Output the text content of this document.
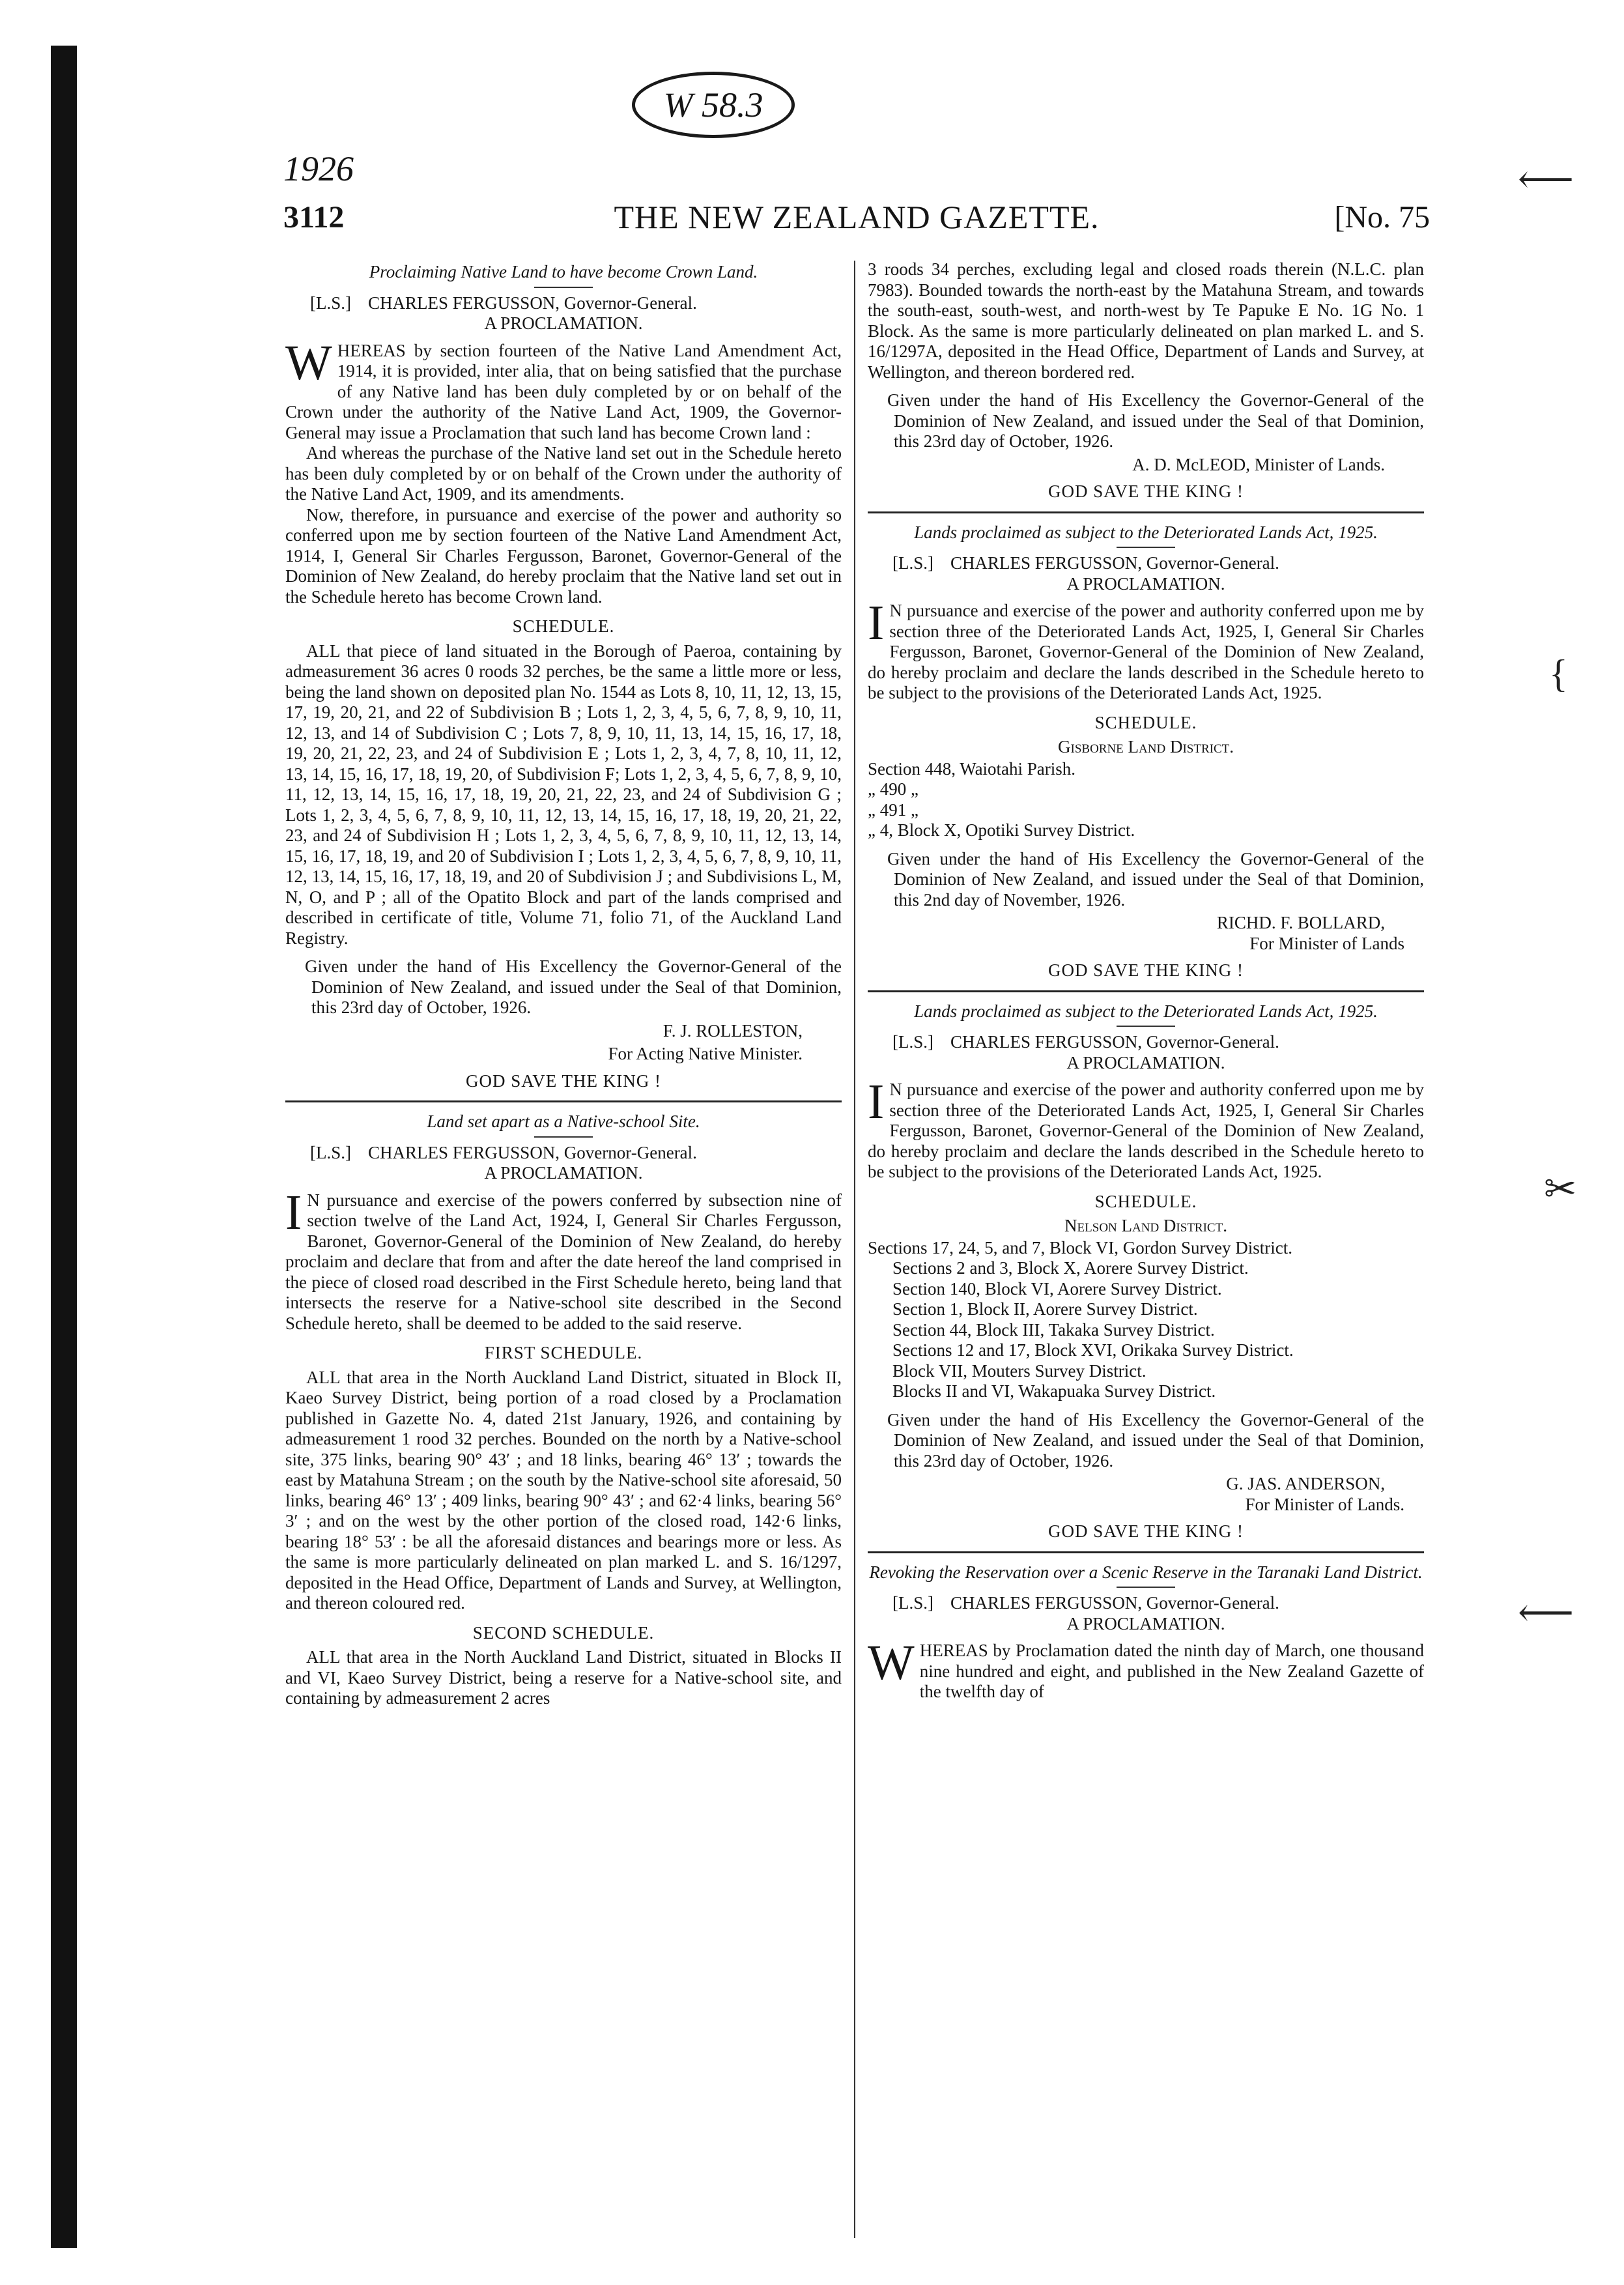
W 58.3
1926	⟵
{
✂
⟵
3112	THE NEW ZEALAND GAZETTE.	[No. 75
Proclaiming Native Land to have become Crown Land.
[L.S.] CHARLES FERGUSSON, Governor-General.
A PROCLAMATION.

WHEREAS by section fourteen of the Native Land Amendment Act, 1914, it is provided, inter alia, that on being satisfied that the purchase of any Native land has been duly completed by or on behalf of the Crown under the authority of the Native Land Act, 1909, the Governor-General may issue a Proclamation that such land has become Crown land :

And whereas the purchase of the Native land set out in the Schedule hereto has been duly completed by or on behalf of the Crown under the authority of the Native Land Act, 1909, and its amendments.

Now, therefore, in pursuance and exercise of the power and authority so conferred upon me by section fourteen of the Native Land Amendment Act, 1914, I, General Sir Charles Fergusson, Baronet, Governor-General of the Dominion of New Zealand, do hereby proclaim that the Native land set out in the Schedule hereto has become Crown land.

SCHEDULE.

ALL that piece of land situated in the Borough of Paeroa, containing by admeasurement 36 acres 0 roods 32 perches, be the same a little more or less, being the land shown on deposited plan No. 1544 as Lots 8, 10, 11, 12, 13, 15, 17, 19, 20, 21, and 22 of Subdivision B ; Lots 1, 2, 3, 4, 5, 6, 7, 8, 9, 10, 11, 12, 13, and 14 of Subdivision C ; Lots 7, 8, 9, 10, 11, 13, 14, 15, 16, 17, 18, 19, 20, 21, 22, 23, and 24 of Subdivision E ; Lots 1, 2, 3, 4, 7, 8, 10, 11, 12, 13, 14, 15, 16, 17, 18, 19, 20, of Subdivision F; Lots 1, 2, 3, 4, 5, 6, 7, 8, 9, 10, 11, 12, 13, 14, 15, 16, 17, 18, 19, 20, 21, 22, 23, and 24 of Subdivision G ; Lots 1, 2, 3, 4, 5, 6, 7, 8, 9, 10, 11, 12, 13, 14, 15, 16, 17, 18, 19, 20, 21, 22, 23, and 24 of Subdivision H ; Lots 1, 2, 3, 4, 5, 6, 7, 8, 9, 10, 11, 12, 13, 14, 15, 16, 17, 18, 19, and 20 of Subdivision I ; Lots 1, 2, 3, 4, 5, 6, 7, 8, 9, 10, 11, 12, 13, 14, 15, 16, 17, 18, 19, and 20 of Subdivision J ; and Subdivisions L, M, N, O, and P ; all of the Opatito Block and part of the lands comprised and described in certificate of title, Volume 71, folio 71, of the Auckland Land Registry.

Given under the hand of His Excellency the Governor-General of the Dominion of New Zealand, and issued under the Seal of that Dominion, this 23rd day of October, 1926.

F. J. ROLLESTON,
For Acting Native Minister.
GOD SAVE THE KING !
Land set apart as a Native-school Site.
[L.S.] CHARLES FERGUSSON, Governor-General.
A PROCLAMATION.

I N pursuance and exercise of the powers conferred by subsection nine of section twelve of the Land Act, 1924, I, General Sir Charles Fergusson, Baronet, Governor-General of the Dominion of New Zealand, do hereby proclaim and declare that from and after the date hereof the land comprised in the piece of closed road described in the First Schedule hereto, being land that intersects the reserve for a Native-school site described in the Second Schedule hereto, shall be deemed to be added to the said reserve.

FIRST SCHEDULE.

ALL that area in the North Auckland Land District, situated in Block II, Kaeo Survey District, being portion of a road closed by a Proclamation published in Gazette No. 4, dated 21st January, 1926, and containing by admeasurement 1 rood 32 perches. Bounded on the north by a Native-school site, 375 links, bearing 90° 43′ ; and 18 links, bearing 46° 13′ ; towards the east by Matahuna Stream ; on the south by the Native-school site aforesaid, 50 links, bearing 46° 13′ ; 409 links, bearing 90° 43′ ; and 62·4 links, bearing 56° 3′ ; and on the west by the other portion of the closed road, 142·6 links, bearing 18° 53′ : be all the aforesaid distances and bearings more or less. As the same is more particularly delineated on plan marked L. and S. 16/1297, deposited in the Head Office, Department of Lands and Survey, at Wellington, and thereon coloured red.

SECOND SCHEDULE.

ALL that area in the North Auckland Land District, situated in Blocks II and VI, Kaeo Survey District, being a reserve for a Native-school site, and containing by admeasurement 2 acres

3 roods 34 perches, excluding legal and closed roads therein (N.L.C. plan 7983). Bounded towards the north-east by the Matahuna Stream, and towards the south-east, south-west, and north-west by Te Papuke E No. 1G No. 1 Block. As the same is more particularly delineated on plan marked L. and S. 16/1297A, deposited in the Head Office, Department of Lands and Survey, at Wellington, and thereon bordered red.

Given under the hand of His Excellency the Governor-General of the Dominion of New Zealand, and issued under the Seal of that Dominion, this 23rd day of October, 1926.

A. D. McLEOD, Minister of Lands.
GOD SAVE THE KING !
Lands proclaimed as subject to the Deteriorated Lands Act, 1925.
[L.S.] CHARLES FERGUSSON, Governor-General.
A PROCLAMATION.

I N pursuance and exercise of the power and authority conferred upon me by section three of the Deteriorated Lands Act, 1925, I, General Sir Charles Fergusson, Baronet, Governor-General of the Dominion of New Zealand, do hereby proclaim and declare the lands described in the Schedule hereto to be subject to the provisions of the Deteriorated Lands Act, 1925.

SCHEDULE.
Gisborne Land District.
Section 448, Waiotahi Parish.
„ 490 „
„ 491 „
„ 4, Block X, Opotiki Survey District.

Given under the hand of His Excellency the Governor-General of the Dominion of New Zealand, and issued under the Seal of that Dominion, this 2nd day of November, 1926.

RICHD. F. BOLLARD,
For Minister of Lands
GOD SAVE THE KING !
Lands proclaimed as subject to the Deteriorated Lands Act, 1925.
[L.S.] CHARLES FERGUSSON, Governor-General.
A PROCLAMATION.

I N pursuance and exercise of the power and authority conferred upon me by section three of the Deteriorated Lands Act, 1925, I, General Sir Charles Fergusson, Baronet, Governor-General of the Dominion of New Zealand, do hereby proclaim and declare the lands described in the Schedule hereto to be subject to the provisions of the Deteriorated Lands Act, 1925.

SCHEDULE.
Nelson Land District.
Sections 17, 24, 5, and 7, Block VI, Gordon Survey District.
Sections 2 and 3, Block X, Aorere Survey District.
Section 140, Block VI, Aorere Survey District.
Section 1, Block II, Aorere Survey District.
Section 44, Block III, Takaka Survey District.
Sections 12 and 17, Block XVI, Orikaka Survey District.
Block VII, Mouters Survey District.
Blocks II and VI, Wakapuaka Survey District.

Given under the hand of His Excellency the Governor-General of the Dominion of New Zealand, and issued under the Seal of that Dominion, this 23rd day of October, 1926.

G. JAS. ANDERSON,
For Minister of Lands.
GOD SAVE THE KING !
Revoking the Reservation over a Scenic Reserve in the Taranaki Land District.
[L.S.] CHARLES FERGUSSON, Governor-General.
A PROCLAMATION.

WHEREAS by Proclamation dated the ninth day of March, one thousand nine hundred and eight, and published in the New Zealand Gazette of the twelfth day of
